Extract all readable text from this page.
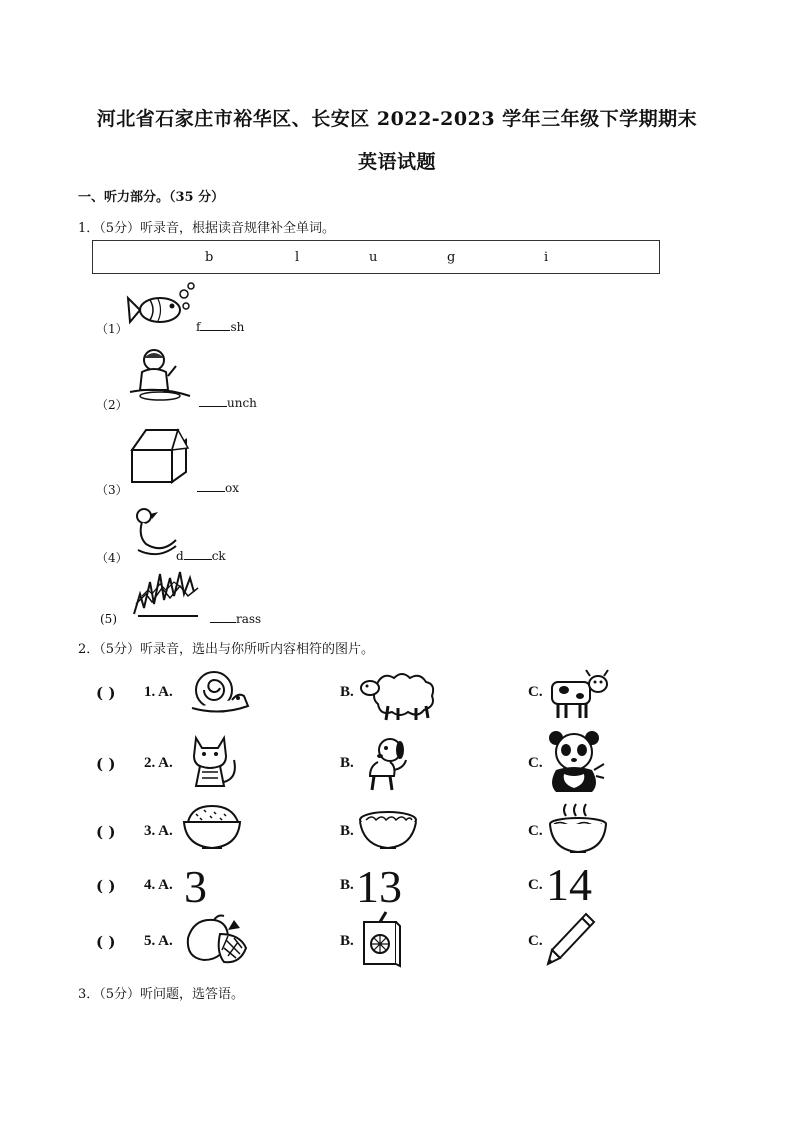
河北省石家庄市裕华区、长安区 2022-2023 学年三年级下学期期末
英语试题
一、听力部分。（35 分）
1．（5分）听录音，根据读音规律补全单词。
b	l	u	g	i
（1）	f	sh
（2）	unch
（3）	ox
（4）	d ck
(5)	rass
2．（5分）听录音，选出与你所听内容相符的图片。
( ) 1. A.	B.	C.
( ) 2. A.	B.	C.
( ) 3. A.	B.	C.
( ) 4. A. 3	B. 13	C. 14
( ) 5. A.	B.	C.
3．（5分）听问题，选答语。
